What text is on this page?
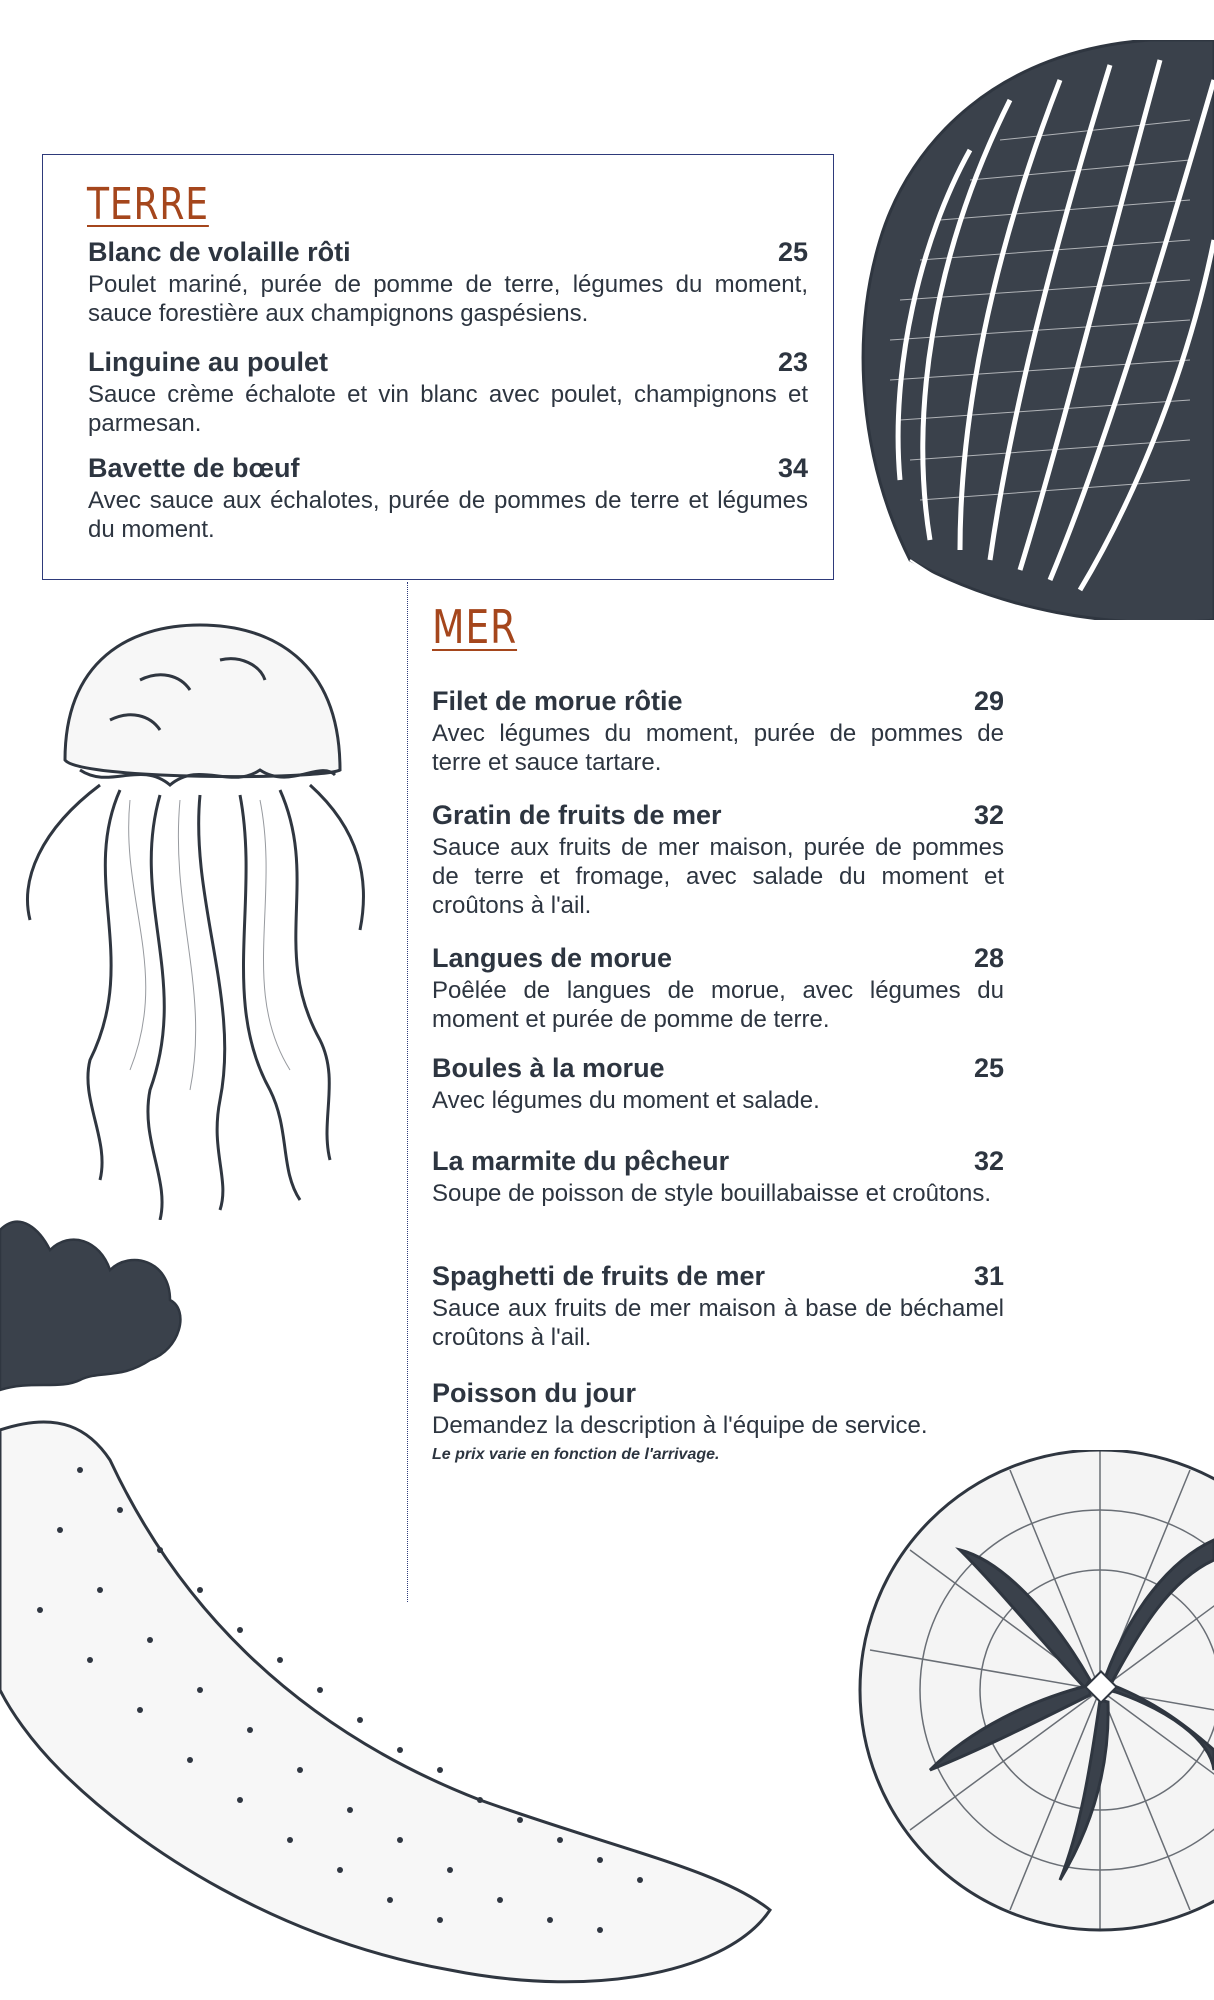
TERRE
Blanc de volaille rôti	25
Poulet mariné, purée de pomme de terre, légumes du moment, sauce forestière aux champignons gaspésiens.
Linguine au poulet	23
Sauce crème échalote et vin blanc avec poulet, champignons et parmesan.
Bavette de bœuf	34
Avec sauce aux échalotes, purée de pommes de terre et légumes du moment.
MER
Filet de morue rôtie	29
Avec légumes du moment, purée de pommes de terre et sauce tartare.
Gratin de fruits de mer	32
Sauce aux fruits de mer maison, purée de pommes de terre et fromage, avec salade du moment et croûtons à l'ail.
Langues de morue	28
Poêlée de langues de morue, avec légumes du moment et purée de pomme de terre.
Boules à la morue	25
Avec légumes du moment et salade.
La marmite du pêcheur	32
Soupe de poisson de style bouillabaisse et croûtons.
Spaghetti de fruits de mer	31
Sauce aux fruits de mer maison à base de béchamel croûtons à l'ail.
Poisson du jour
Demandez la description à l'équipe de service.
Le prix varie en fonction de l'arrivage.
